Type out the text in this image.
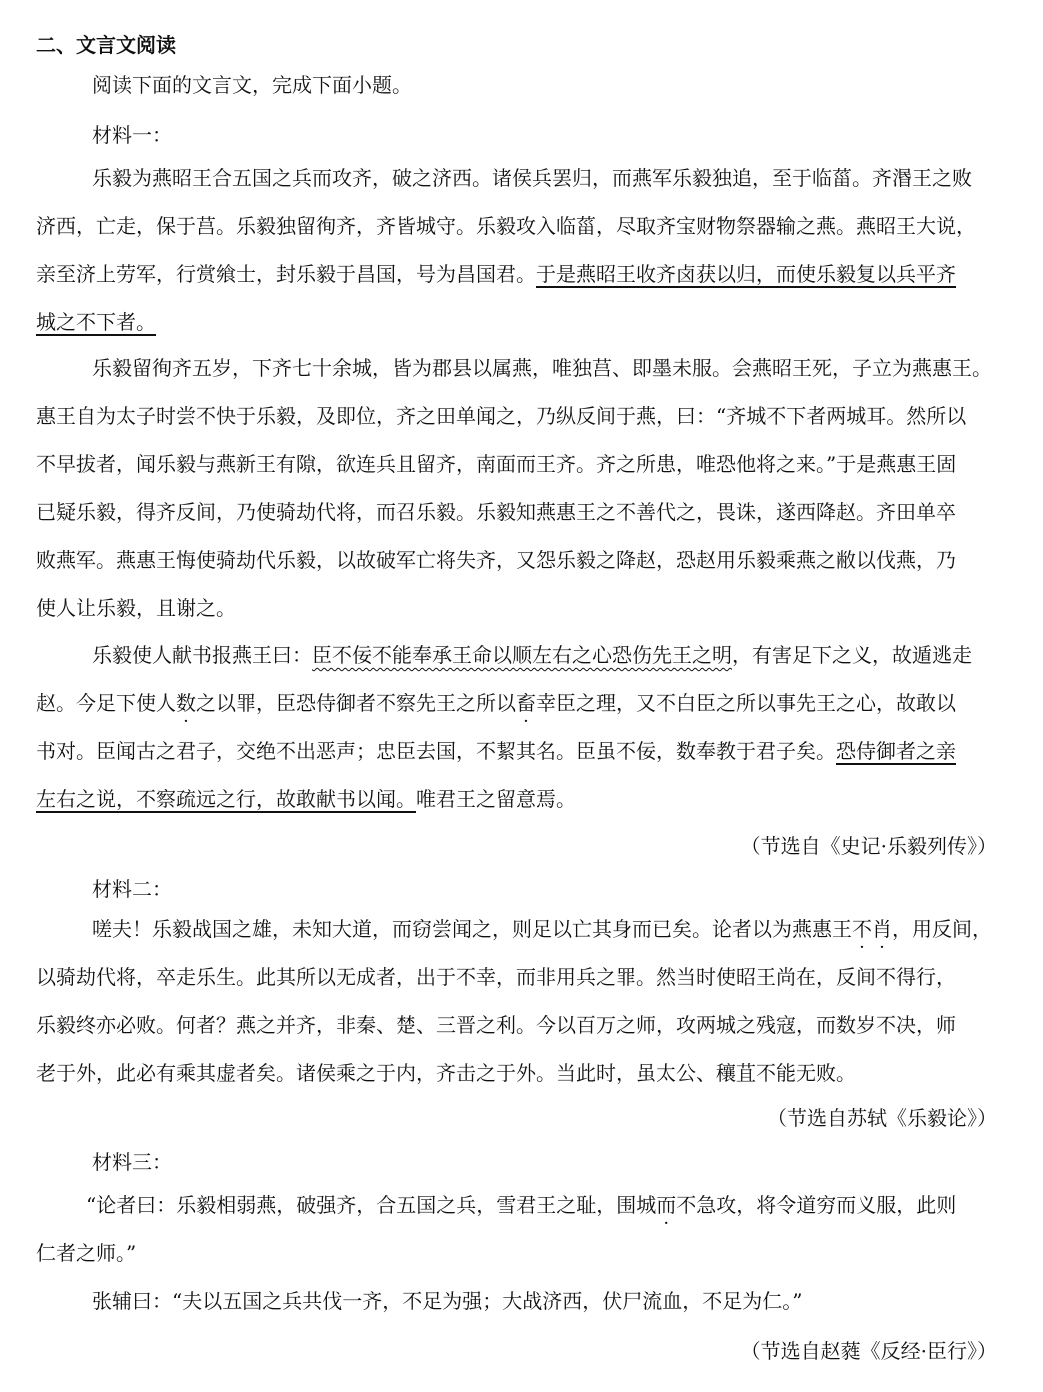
二、文言文阅读
阅读下面的文言文，完成下面小题。
材料一：
乐毅为燕昭王合五国之兵而攻齐，破之济西。诸侯兵罢归，而燕军乐毅独追，至于临菑。齐湣王之败
济西，亡走，保于莒。乐毅独留徇齐，齐皆城守。乐毅攻入临菑，尽取齐宝财物祭器输之燕。燕昭王大说，
亲至济上劳军，行赏飨士，封乐毅于昌国，号为昌国君。于是燕昭王收齐卤获以归，而使乐毅复以兵平齐
城之不下者。
乐毅留徇齐五岁，下齐七十余城，皆为郡县以属燕，唯独莒、即墨未服。会燕昭王死，子立为燕惠王。
惠王自为太子时尝不快于乐毅，及即位，齐之田单闻之，乃纵反间于燕，曰：“齐城不下者两城耳。然所以
不早拔者，闻乐毅与燕新王有隙，欲连兵且留齐，南面而王齐。齐之所患，唯恐他将之来。”于是燕惠王固
已疑乐毅，得齐反间，乃使骑劫代将，而召乐毅。乐毅知燕惠王之不善代之，畏诛，遂西降赵。齐田单卒
败燕军。燕惠王悔使骑劫代乐毅，以故破军亡将失齐，又怨乐毅之降赵，恐赵用乐毅乘燕之敝以伐燕，乃
使人让乐毅，且谢之。
乐毅使人献书报燕王曰：臣不佞不能奉承王命以顺左右之心恐伤先王之明，有害足下之义，故遁逃走
赵。今足下使人数之以罪，臣恐侍御者不察先王之所以畜幸臣之理，又不白臣之所以事先王之心，故敢以
书对。臣闻古之君子，交绝不出恶声；忠臣去国，不絜其名。臣虽不佞，数奉教于君子矣。恐侍御者之亲
左右之说，不察疏远之行，故敢献书以闻。唯君王之留意焉。
（节选自《史记·乐毅列传》）
材料二：
嗟夫！乐毅战国之雄，未知大道，而窃尝闻之，则足以亡其身而已矣。论者以为燕惠王不肖，用反间，
以骑劫代将，卒走乐生。此其所以无成者，出于不幸，而非用兵之罪。然当时使昭王尚在，反间不得行，
乐毅终亦必败。何者？燕之并齐，非秦、楚、三晋之利。今以百万之师，攻两城之残寇，而数岁不决，师
老于外，此必有乘其虚者矣。诸侯乘之于内，齐击之于外。当此时，虽太公、穰苴不能无败。
（节选自苏轼《乐毅论》）
材料三：
“论者曰：乐毅相弱燕，破强齐，合五国之兵，雪君王之耻，围城而不急攻，将令道穷而义服，此则
仁者之师。”
张辅曰：“夫以五国之兵共伐一齐，不足为强；大战济西，伏尸流血，不足为仁。”
（节选自赵蕤《反经·臣行》）
